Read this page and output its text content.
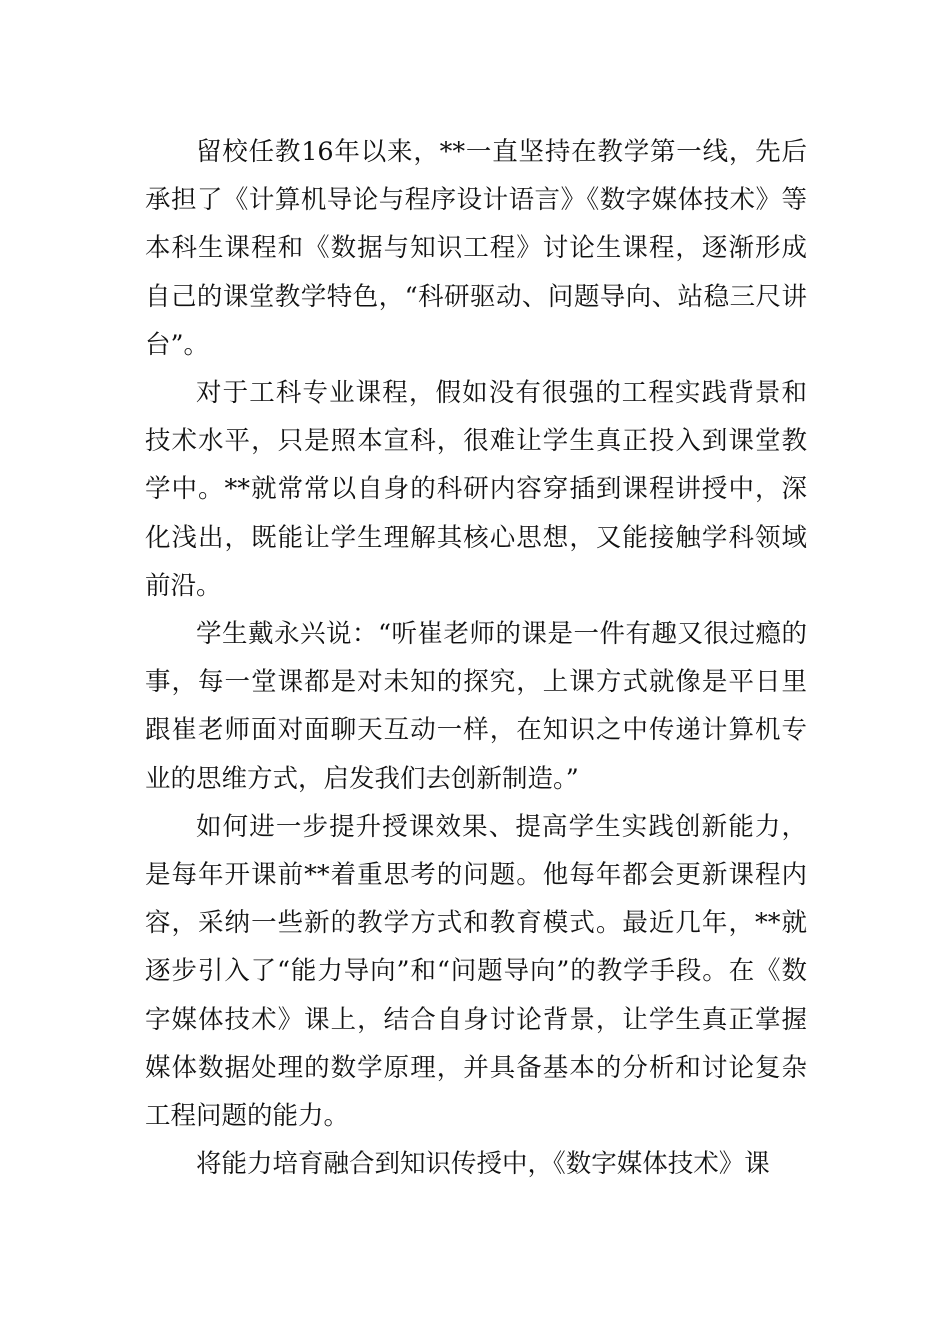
留校任教16年以来，**一直坚持在教学第一线，先后承担了《计算机导论与程序设计语言》《数字媒体技术》等本科生课程和《数据与知识工程》讨论生课程，逐渐形成自己的课堂教学特色，“科研驱动、问题导向、站稳三尺讲台”。

对于工科专业课程，假如没有很强的工程实践背景和技术水平，只是照本宣科，很难让学生真正投入到课堂教学中。**就常常以自身的科研内容穿插到课程讲授中，深化浅出，既能让学生理解其核心思想，又能接触学科领域前沿。

学生戴永兴说：“听崔老师的课是一件有趣又很过瘾的事，每一堂课都是对未知的探究，上课方式就像是平日里跟崔老师面对面聊天互动一样，在知识之中传递计算机专业的思维方式，启发我们去创新制造。”

如何进一步提升授课效果、提高学生实践创新能力，是每年开课前**着重思考的问题。他每年都会更新课程内容，采纳一些新的教学方式和教育模式。最近几年，**就逐步引入了“能力导向”和“问题导向”的教学手段。在《数字媒体技术》课上，结合自身讨论背景，让学生真正掌握媒体数据处理的数学原理，并具备基本的分析和讨论复杂工程问题的能力。

将能力培育融合到知识传授中，《数字媒体技术》课
